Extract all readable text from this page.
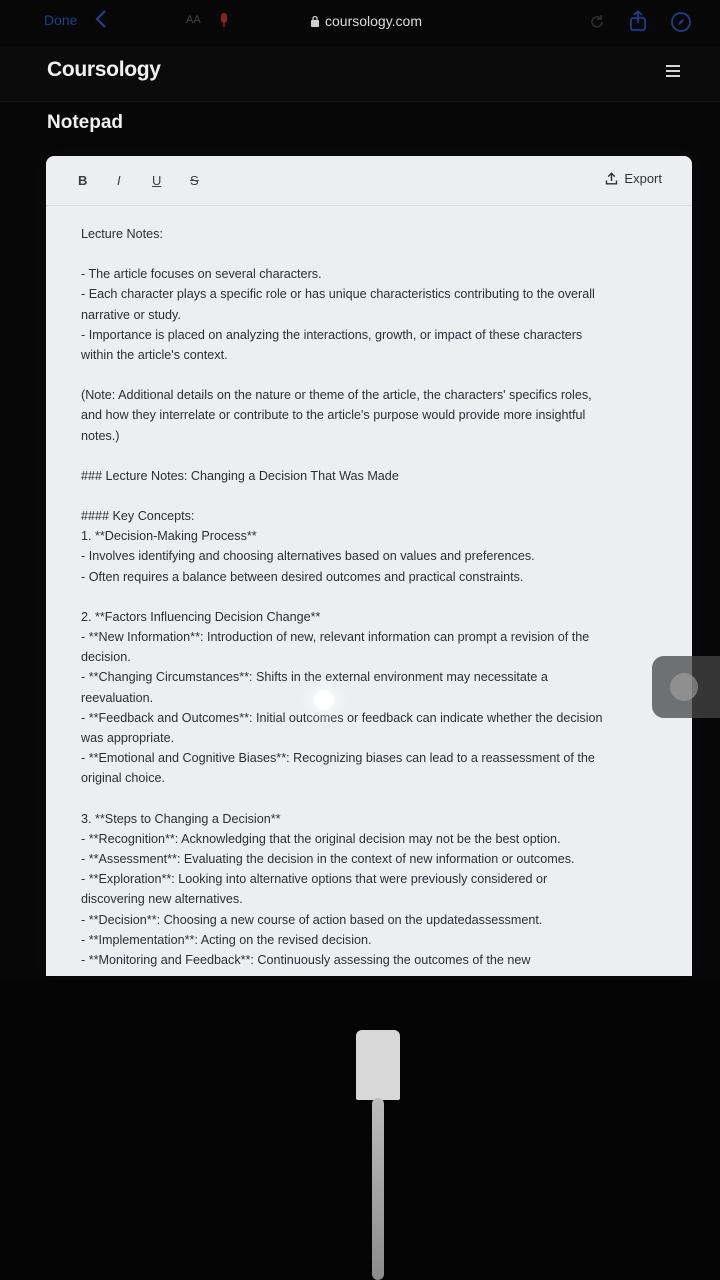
Done	AA	coursology.com
Coursology
Notepad
B I U S	Export
Lecture Notes:
- The article focuses on several characters.
- Each character plays a specific role or has unique characteristics contributing to the overall
narrative or study.
- Importance is placed on analyzing the interactions, growth, or impact of these characters
within the article's context.
(Note: Additional details on the nature or theme of the article, the characters' specifics roles,
and how they interrelate or contribute to the article's purpose would provide more insightful
notes.)
### Lecture Notes: Changing a Decision That Was Made
#### Key Concepts:
1. **Decision-Making Process**
- Involves identifying and choosing alternatives based on values and preferences.
- Often requires a balance between desired outcomes and practical constraints.
2. **Factors Influencing Decision Change**
- **New Information**: Introduction of new, relevant information can prompt a revision of the
decision.
- **Changing Circumstances**: Shifts in the external environment may necessitate a
reevaluation.
- **Feedback and Outcomes**: Initial outcomes or feedback can indicate whether the decision
was appropriate.
- **Emotional and Cognitive Biases**: Recognizing biases can lead to a reassessment of the
original choice.
3. **Steps to Changing a Decision**
- **Recognition**: Acknowledging that the original decision may not be the best option.
- **Assessment**: Evaluating the decision in the context of new information or outcomes.
- **Exploration**: Looking into alternative options that were previously considered or
discovering new alternatives.
- **Decision**: Choosing a new course of action based on the updatedassessment.
- **Implementation**: Acting on the revised decision.
- **Monitoring and Feedback**: Continuously assessing the outcomes of the new
